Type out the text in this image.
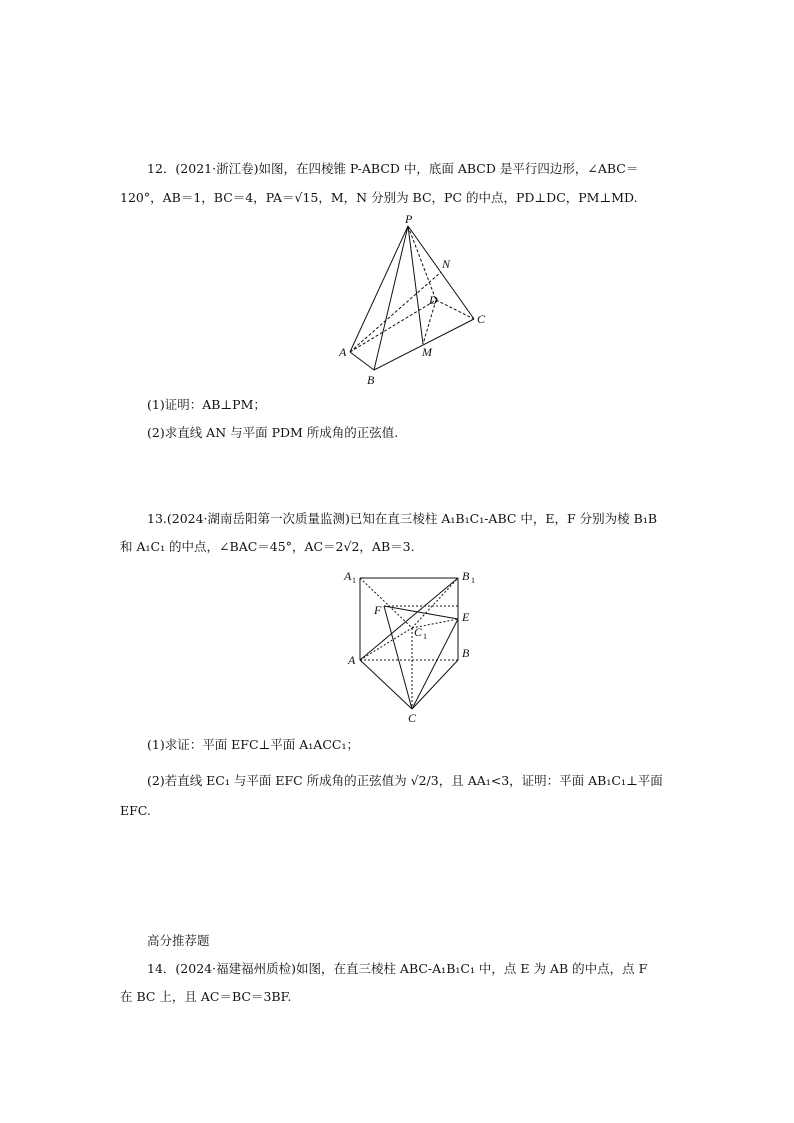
12．(2021·浙江卷)如图，在四棱锥 P-ABCD 中，底面 ABCD 是平行四边形，∠ABC＝
120°，AB＝1，BC＝4，PA＝√15，M，N 分别为 BC，PC 的中点，PD⊥DC，PM⊥MD.
P
N
D
C
A	M
B
(1)证明：AB⊥PM；
(2)求直线 AN 与平面 PDM 所成角的正弦值.
13.(2024·湖南岳阳第一次质量监测)已知在直三棱柱 A₁B₁C₁-ABC 中，E，F 分别为棱 B₁B
和 A₁C₁ 的中点，∠BAC＝45°，AC＝2√2，AB＝3.
A 1	B 1
F	E
C 1
A	B
C
(1)求证：平面 EFC⊥平面 A₁ACC₁；
(2)若直线 EC₁ 与平面 EFC 所成角的正弦值为 √2/3，且 AA₁<3，证明：平面 AB₁C₁⊥平面
EFC.
高分推荐题
14．(2024·福建福州质检)如图，在直三棱柱 ABC-A₁B₁C₁ 中，点 E 为 AB 的中点，点 F
在 BC 上，且 AC＝BC＝3BF.
